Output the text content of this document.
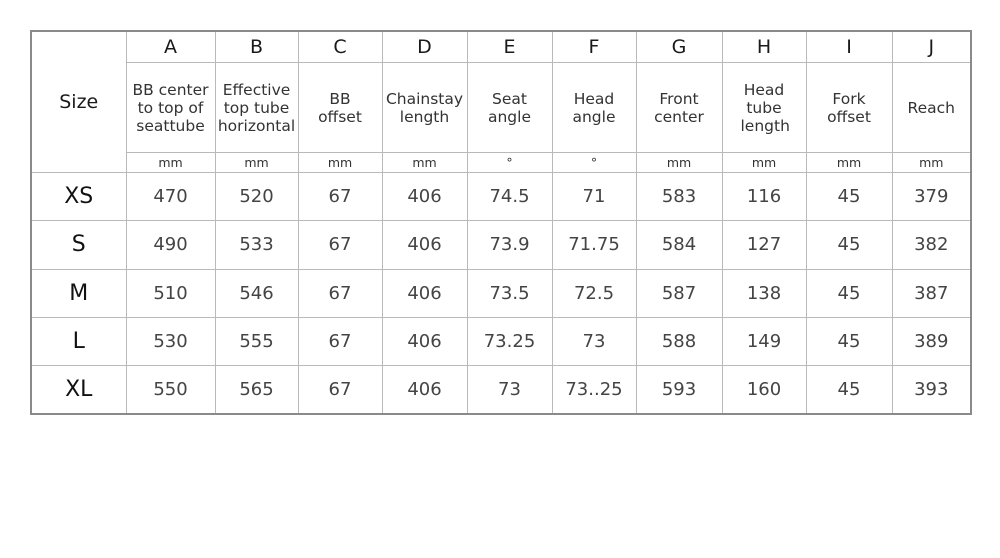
Size	A	B	C	D	E	F	G	H	I	J
	BB center to top of seattube	Effective top tube horizontal	BB offset	Chainstay length	Seat angle	Head angle	Front center	Head tube length	Fork offset	Reach
	mm	mm	mm	mm	°	°	mm	mm	mm	mm
XS	470	520	67	406	74.5	71	583	116	45	379
S	490	533	67	406	73.9	71.75	584	127	45	382
M	510	546	67	406	73.5	72.5	587	138	45	387
L	530	555	67	406	73.25	73	588	149	45	389
XL	550	565	67	406	73	73..25	593	160	45	393
